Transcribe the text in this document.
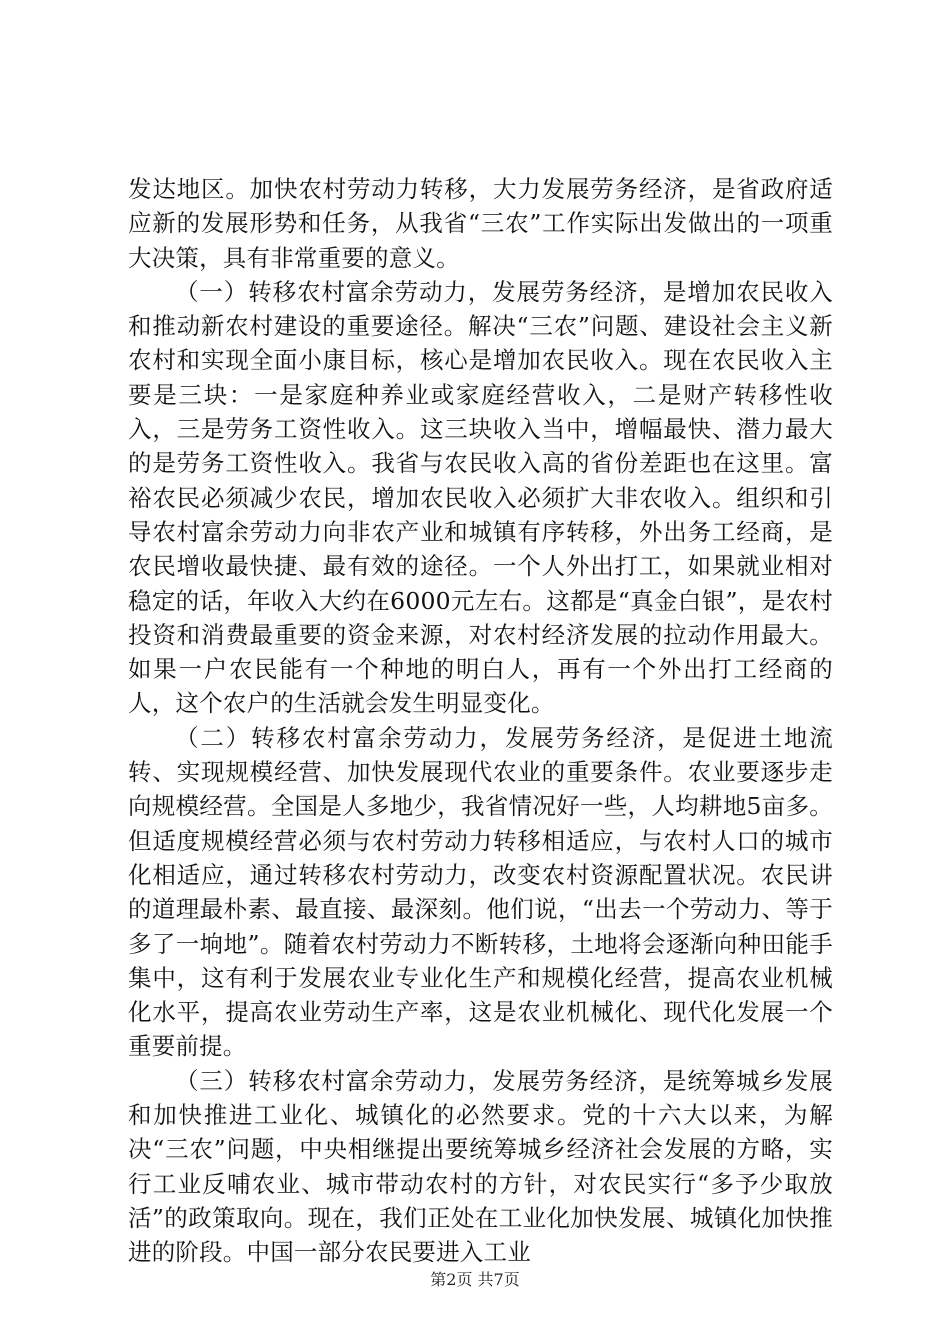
发达地区。加快农村劳动力转移，大力发展劳务经济，是省政府适应新的发展形势和任务，从我省“三农”工作实际出发做出的一项重大决策，具有非常重要的意义。

（一）转移农村富余劳动力，发展劳务经济，是增加农民收入和推动新农村建设的重要途径。解决“三农”问题、建设社会主义新农村和实现全面小康目标，核心是增加农民收入。现在农民收入主要是三块：一是家庭种养业或家庭经营收入，二是财产转移性收入，三是劳务工资性收入。这三块收入当中，增幅最快、潜力最大的是劳务工资性收入。我省与农民收入高的省份差距也在这里。富裕农民必须减少农民，增加农民收入必须扩大非农收入。组织和引导农村富余劳动力向非农产业和城镇有序转移，外出务工经商，是农民增收最快捷、最有效的途径。一个人外出打工，如果就业相对稳定的话，年收入大约在6000元左右。这都是“真金白银”，是农村投资和消费最重要的资金来源，对农村经济发展的拉动作用最大。如果一户农民能有一个种地的明白人，再有一个外出打工经商的人，这个农户的生活就会发生明显变化。

（二）转移农村富余劳动力，发展劳务经济，是促进土地流转、实现规模经营、加快发展现代农业的重要条件。农业要逐步走向规模经营。全国是人多地少，我省情况好一些，人均耕地5亩多。但适度规模经营必须与农村劳动力转移相适应，与农村人口的城市化相适应，通过转移农村劳动力，改变农村资源配置状况。农民讲的道理最朴素、最直接、最深刻。他们说，“出去一个劳动力、等于多了一垧地”。随着农村劳动力不断转移，土地将会逐渐向种田能手集中，这有利于发展农业专业化生产和规模化经营，提高农业机械化水平，提高农业劳动生产率，这是农业机械化、现代化发展一个重要前提。

（三）转移农村富余劳动力，发展劳务经济，是统筹城乡发展和加快推进工业化、城镇化的必然要求。党的十六大以来，为解决“三农”问题，中央相继提出要统筹城乡经济社会发展的方略，实行工业反哺农业、城市带动农村的方针，对农民实行“多予少取放活”的政策取向。现在，我们正处在工业化加快发展、城镇化加快推进的阶段。中国一部分农民要进入工业

第2页 共7页
